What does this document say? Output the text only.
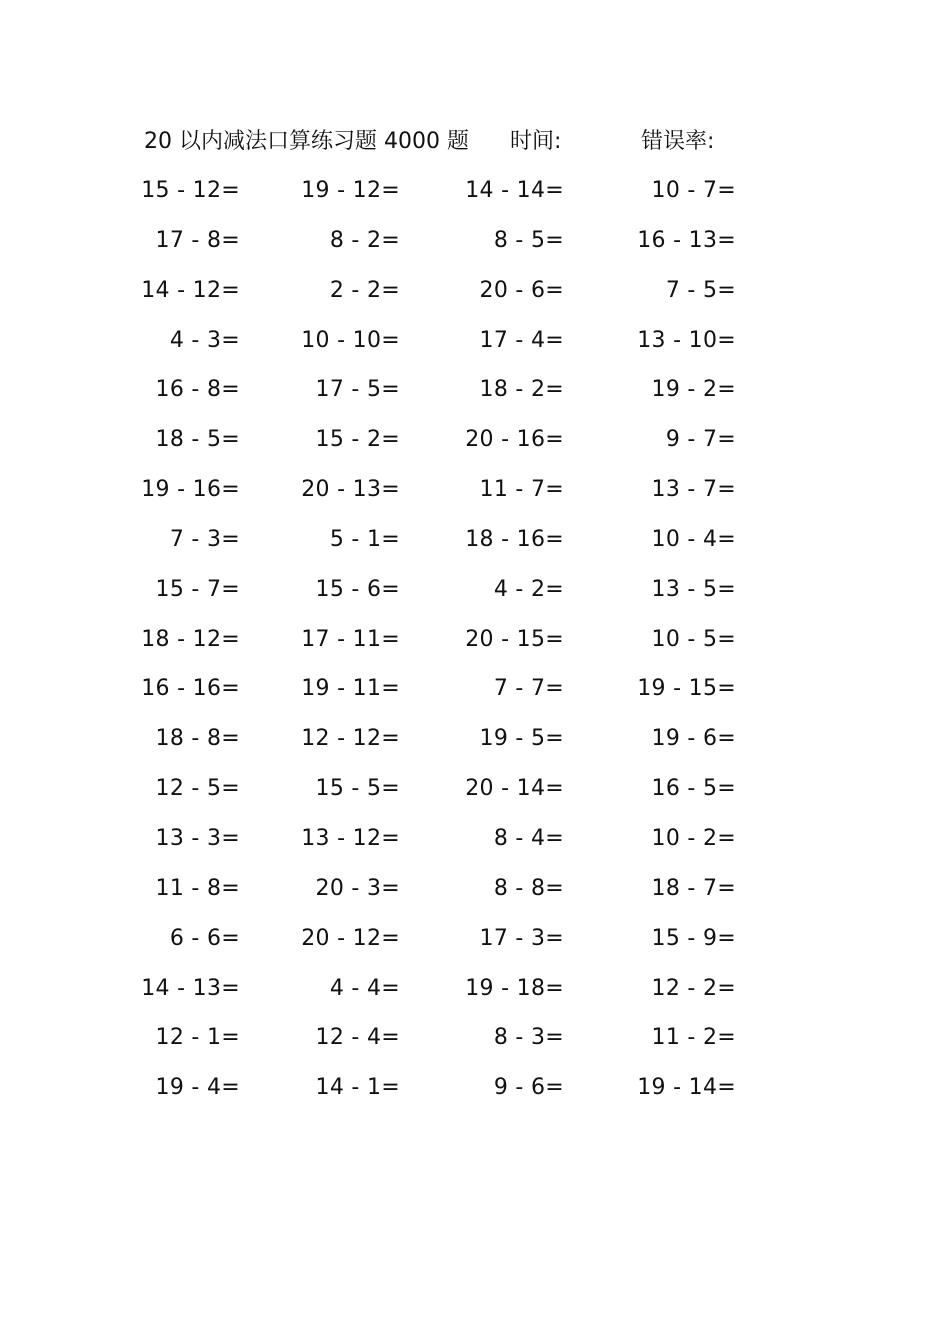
20 以内减法口算练习题 4000 题 时间:	错误率:
15 - 12=	19 - 12=	14 - 14=	10 - 7=
17 - 8=	8 - 2=	8 - 5=	16 - 13=
14 - 12=	2 - 2=	20 - 6=	7 - 5=
4 - 3=	10 - 10=	17 - 4=	13 - 10=
16 - 8=	17 - 5=	18 - 2=	19 - 2=
18 - 5=	15 - 2=	20 - 16=	9 - 7=
19 - 16=	20 - 13=	11 - 7=	13 - 7=
7 - 3=	5 - 1=	18 - 16=	10 - 4=
15 - 7=	15 - 6=	4 - 2=	13 - 5=
18 - 12=	17 - 11=	20 - 15=	10 - 5=
16 - 16=	19 - 11=	7 - 7=	19 - 15=
18 - 8=	12 - 12=	19 - 5=	19 - 6=
12 - 5=	15 - 5=	20 - 14=	16 - 5=
13 - 3=	13 - 12=	8 - 4=	10 - 2=
11 - 8=	20 - 3=	8 - 8=	18 - 7=
6 - 6=	20 - 12=	17 - 3=	15 - 9=
14 - 13=	4 - 4=	19 - 18=	12 - 2=
12 - 1=	12 - 4=	8 - 3=	11 - 2=
19 - 4=	14 - 1=	9 - 6=	19 - 14=
